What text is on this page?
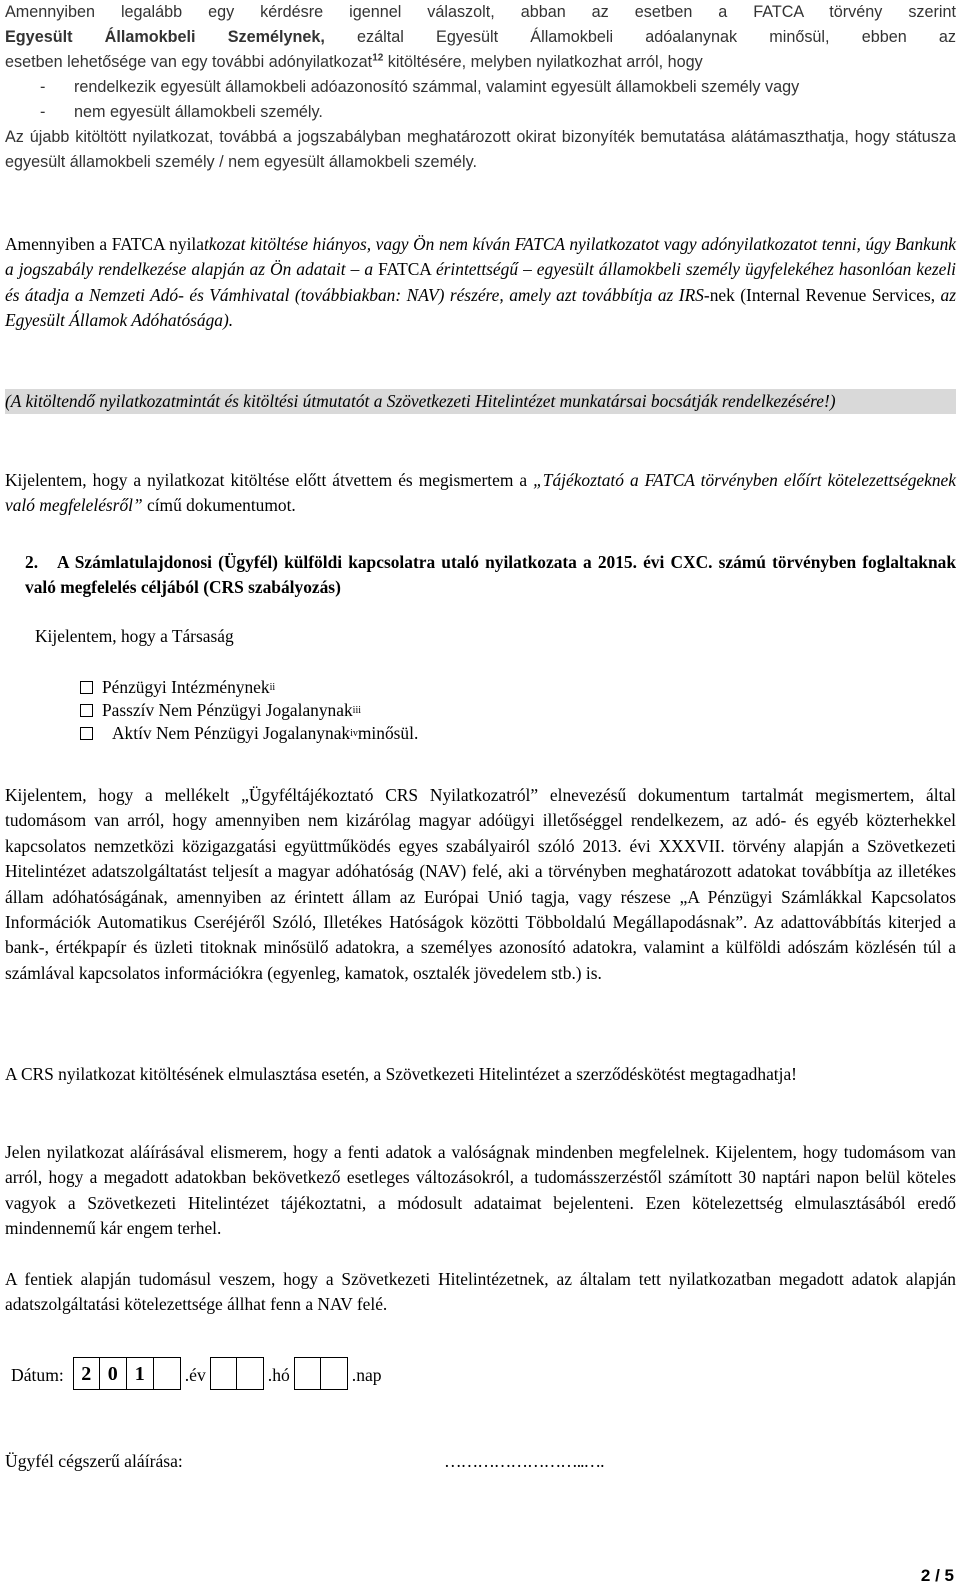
Amennyiben legalább egy kérdésre igennel válaszolt, abban az esetben a FATCA törvény szerint
Egyesült Államokbeli Személynek, ezáltal Egyesült Államokbeli adóalanynak minősül, ebben az
esetben lehetősége van egy további adónyilatkozat$^{12}$ kitöltésére, melyben nyilatkozhat arról, hogy
-	rendelkezik egyesült államokbeli adóazonosító számmal, valamint egyesült államokbeli személy vagy
-	nem egyesült államokbeli személy.
Az újabb kitöltött nyilatkozat, továbbá a jogszabályban meghatározott okirat bizonyíték bemutatása alátámaszthatja, hogy státusza egyesült államokbeli személy / nem egyesült államokbeli személy.

Amennyiben a FATCA nyilatkozat kitöltése hiányos, vagy Ön nem kíván FATCA nyilatkozatot vagy adónyilatkozatot tenni, úgy Bankunk a jogszabály rendelkezése alapján az Ön adatait – a FATCA érintettségű – egyesült államokbeli személy ügyfelekéhez hasonlóan kezeli és átadja a Nemzeti Adó- és Vámhivatal (továbbiakban: NAV) részére, amely azt továbbítja az IRS-nek (Internal Revenue Services, az Egyesült Államok Adóhatósága).

(A kitöltendő nyilatkozatmintát és kitöltési útmutatót a Szövetkezeti Hitelintézet munkatársai bocsátják rendelkezésére!)

Kijelentem, hogy a nyilatkozat kitöltése előtt átvettem és megismertem a „Tájékoztató a FATCA törvényben előírt kötelezettségeknek való megfelelésről” című dokumentumot.

2. A Számlatulajdonosi (Ügyfél) külföldi kapcsolatra utaló nyilatkozata a 2015. évi CXC. számú törvényben foglaltaknak való megfelelés céljából (CRS szabályozás)

Kijelentem, hogy a Társaság

Pénzügyi Intézménynek ii
Passzív Nem Pénzügyi Jogalanynak iii
Aktív Nem Pénzügyi Jogalanynak iv minősül.

Kijelentem, hogy a mellékelt „Ügyféltájékoztató CRS Nyilatkozatról” elnevezésű dokumentum tartalmát megismertem, által tudomásom van arról, hogy amennyiben nem kizárólag magyar adóügyi illetőséggel rendelkezem, az adó- és egyéb közterhekkel kapcsolatos nemzetközi közigazgatási együttműködés egyes szabályairól szóló 2013. évi XXXVII. törvény alapján a Szövetkezeti Hitelintézet adatszolgáltatást teljesít a magyar adóhatóság (NAV) felé, aki a törvényben meghatározott adatokat továbbítja az illetékes állam adóhatóságának, amennyiben az érintett állam az Európai Unió tagja, vagy részese „A Pénzügyi Számlákkal Kapcsolatos Információk Automatikus Cseréjéről Szóló, Illetékes Hatóságok közötti Többoldalú Megállapodásnak”. Az adattovábbítás kiterjed a bank-, értékpapír és üzleti titoknak minősülő adatokra, a személyes azonosító adatokra, valamint a külföldi adószám közlésén túl a számlával kapcsolatos információkra (egyenleg, kamatok, osztalék jövedelem stb.) is.

A CRS nyilatkozat kitöltésének elmulasztása esetén, a Szövetkezeti Hitelintézet a szerződéskötést megtagadhatja!

Jelen nyilatkozat aláírásával elismerem, hogy a fenti adatok a valóságnak mindenben megfelelnek. Kijelentem, hogy tudomásom van arról, hogy a megadott adatokban bekövetkező esetleges változásokról, a tudomásszerzéstől számított 30 naptári napon belül köteles vagyok a Szövetkezeti Hitelintézet tájékoztatni, a módosult adataimat bejelenteni. Ezen kötelezettség elmulasztásából eredő mindennemű kár engem terhel.

A fentiek alapján tudomásul veszem, hogy a Szövetkezeti Hitelintézetnek, az általam tett nyilatkozatban megadott adatok alapján adatszolgáltatási kötelezettsége állhat fenn a NAV felé.

Dátum: 2 0 1	.év	.hó	.nap
Ügyfél cégszerű aláírása:	……………………..….
2 / 5
